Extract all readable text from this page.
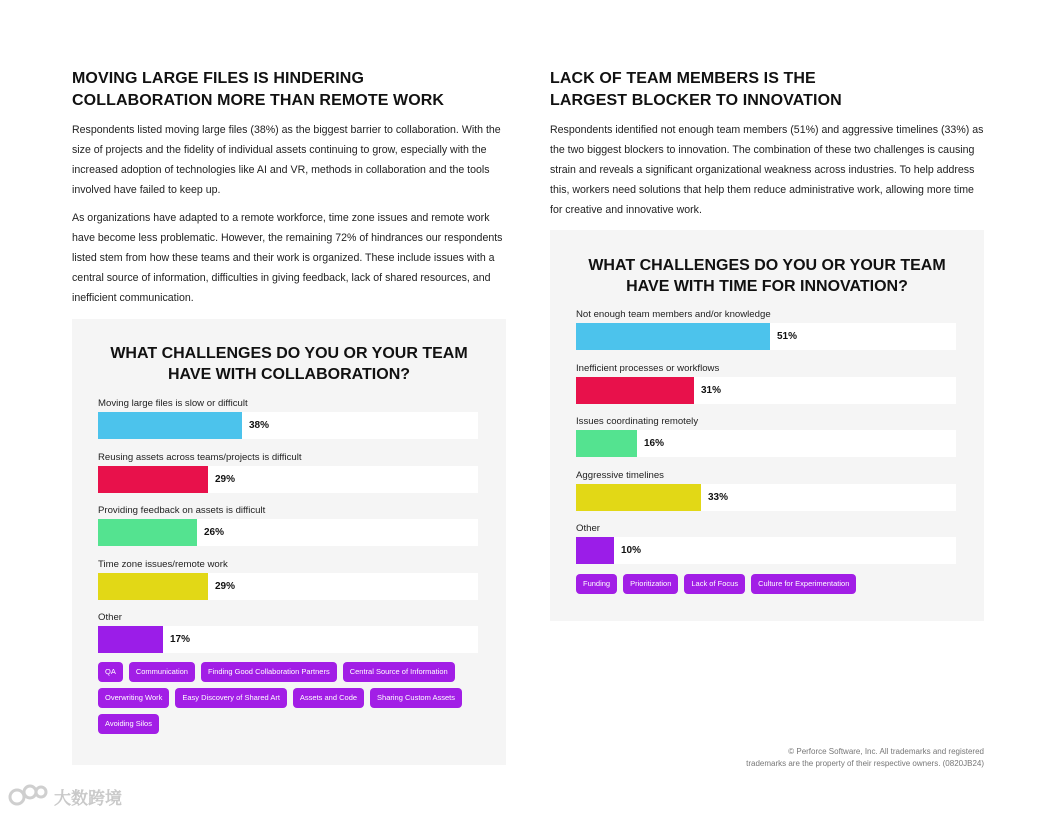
MOVING LARGE FILES IS HINDERING
COLLABORATION MORE THAN REMOTE WORK

Respondents listed moving large files (38%) as the biggest barrier to collaboration. With the size of projects and the fidelity of individual assets continuing to grow, especially with the increased adoption of technologies like AI and VR, methods in collaboration and the tools involved have failed to keep up.

As organizations have adapted to a remote workforce, time zone issues and remote work have become less problematic. However, the remaining 72% of hindrances our respondents listed stem from how these teams and their work is organized. These include issues with a central source of information, difficulties in giving feedback, lack of shared resources, and inefficient communication.

LACK OF TEAM MEMBERS IS THE
LARGEST BLOCKER TO INNOVATION

Respondents identified not enough team members (51%) and aggressive timelines (33%) as the two biggest blockers to innovation. The combination of these two challenges is causing strain and reveals a significant organizational weakness across industries. To help address this, workers need solutions that help them reduce administrative work, allowing more time for creative and innovative work.

WHAT CHALLENGES DO YOU OR YOUR TEAM
HAVE WITH COLLABORATION?
Moving large files is slow or difficult
38%
Reusing assets across teams/projects is difficult
29%
Providing feedback on assets is difficult
26%
Time zone issues/remote work
29%
Other
17%
QA	Communication	Finding Good Collaboration Partners	Central Source of Information
Overwriting Work	Easy Discovery of Shared Art	Assets and Code	Sharing Custom Assets
Avoiding Silos
WHAT CHALLENGES DO YOU OR YOUR TEAM
HAVE WITH TIME FOR INNOVATION?
Not enough team members and/or knowledge
51%
Inefficient processes or workflows
31%
Issues coordinating remotely
16%
Aggressive timelines
33%
Other
10%
Funding	Prioritization	Lack of Focus	Culture for Experimentation
© Perforce Software, Inc. All trademarks and registered
trademarks are the property of their respective owners. (0820JB24)
大数跨境
